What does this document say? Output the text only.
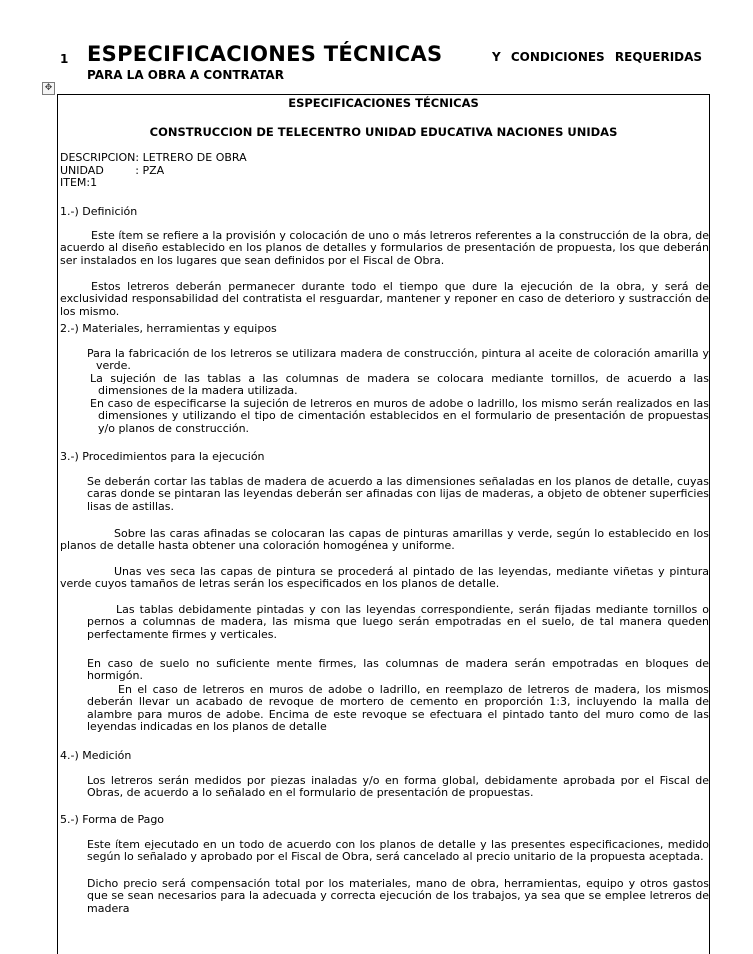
1 ESPECIFICACIONES TÉCNICAS	Y CONDICIONES REQUERIDAS
PARA LA OBRA A CONTRATAR
✥
ESPECIFICACIONES TÉCNICAS
CONSTRUCCION DE TELECENTRO UNIDAD EDUCATIVA NACIONES UNIDAS
DESCRIPCION: LETRERO DE OBRA
UNIDAD         : PZA
ITEM:1
1.-) Definición
Este ítem se refiere a la provisión y colocación de uno o más letreros referentes a la construcción de la obra, de acuerdo al diseño establecido en los planos de detalles y formularios de presentación de propuesta, los que deberán ser instalados en los lugares que sean definidos por el Fiscal de Obra.
Estos letreros deberán permanecer durante todo el tiempo que dure la ejecución de la obra, y será de exclusividad responsabilidad del contratista el resguardar, mantener y reponer en caso de deterioro y sustracción de los mismo.
2.-) Materiales, herramientas y equipos
Para la fabricación de los letreros se utilizara madera de construcción, pintura al aceite de coloración amarilla y verde.
La sujeción de las tablas a las columnas de madera se colocara mediante tornillos, de acuerdo a las dimensiones de la madera utilizada.
En caso de especificarse la sujeción de letreros en muros de adobe o ladrillo, los mismo serán realizados en las dimensiones y utilizando el tipo de cimentación establecidos en el formulario de presentación de propuestas y/o planos de construcción.
3.-) Procedimientos para la ejecución
Se deberán cortar las tablas de madera de acuerdo a las dimensiones señaladas en los planos de detalle, cuyas caras donde se pintaran las leyendas deberán ser afinadas con lijas de maderas, a objeto de obtener superficies lisas de astillas.
Sobre las caras afinadas se colocaran las capas de pinturas amarillas y verde, según lo establecido en los planos de detalle hasta obtener una coloración homogénea y uniforme.
Unas ves seca las capas de pintura se procederá al pintado de las leyendas, mediante viñetas y pintura verde cuyos tamaños de letras serán los especificados en los planos de detalle.
Las tablas debidamente pintadas y con las leyendas correspondiente, serán fijadas mediante tornillos o pernos a columnas de madera, las misma que luego serán empotradas en el suelo, de tal manera queden perfectamente firmes y verticales.
En caso de suelo no suficiente mente firmes, las columnas de madera serán empotradas en bloques de hormigón.
En el caso de letreros en muros de adobe o ladrillo, en reemplazo de letreros de madera, los mismos deberán llevar un acabado de revoque de mortero de cemento en proporción 1:3, incluyendo la malla de alambre para muros de adobe. Encima de este revoque se efectuara el pintado tanto del muro como de las leyendas indicadas en los planos de detalle
4.-) Medición
Los letreros serán medidos por piezas inaladas y/o en forma global, debidamente aprobada por el Fiscal de Obras, de acuerdo a lo señalado en el formulario de presentación de propuestas.
5.-) Forma de Pago
Este ítem ejecutado en un todo de acuerdo con los planos de detalle y las presentes especificaciones, medido según lo señalado y aprobado por el Fiscal de Obra, será cancelado al precio unitario de la propuesta aceptada.
Dicho precio será compensación total por los materiales, mano de obra, herramientas, equipo y otros gastos que se sean necesarios para la adecuada y correcta ejecución de los trabajos, ya sea que se emplee letreros de madera
